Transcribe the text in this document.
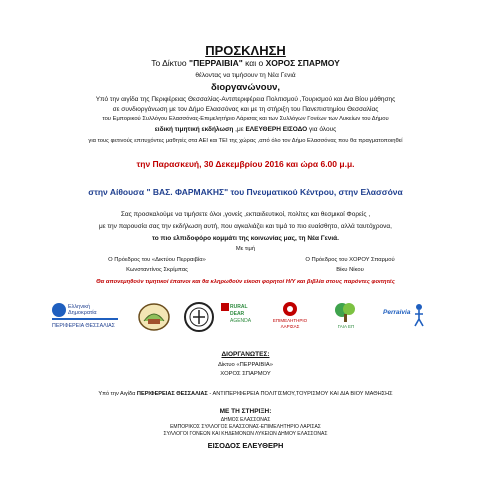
ΠΡΟΣΚΛΗΣΗ
Το Δίκτυο "ΠΕΡΡΑΙΒΙΑ" και ο ΧΟΡΟΣ ΣΠΑΡΜΟΥ
θέλοντας να τιμήσουν τη Νέα Γενιά
διοργανώνουν,
Υπό την αιγίδα της Περιφέρειας Θεσσαλίας-Αντιπεριφέρεια Πολιτισμού ,Τουρισμού και Δια Βίου μάθησης
σε συνδιοργάνωση με τον Δήμο Ελασσόνας και με τη στήριξη του Πανεπιστημίου Θεσσαλίας
του Εμπορικού Συλλόγου Ελασσόνας-Επιμελητήριο Λάρισας και των Συλλόγων Γονέων των Λυκείων του Δήμου
ειδική τιμητική εκδήλωση ,με ΕΛΕΥΘΕΡΗ ΕΙΣΟΔΟ για όλους
για τους φετινούς επιτυχόντες μαθητές στα ΑΕΙ και ΤΕΙ της χώρας ,από όλο τον Δήμο Ελασσόνας που θα πραγματοποιηθεί
την Παρασκευή, 30 Δεκεμβρίου 2016 και ώρα 6.00 μ.μ.
στην Αίθουσα " ΒΑΣ. ΦΑΡΜΑΚΗΣ" του Πνευματικού Κέντρου, στην Ελασσόνα
Σας προσκαλούμε να τιμήσετε όλοι ,γονείς ,εκπαιδευτικοί, πολίτες και θεσμικοί Φορείς ,
με την παρουσία σας την εκδήλωση αυτή, που αγκαλιάζει και τιμά το πιο ευαίσθητο, αλλά ταυτόχρονα,
το πιο ελπιδοφόρο κομμάτι της κοινωνίας μας, τη Νέα Γενιά.
Με τιμή
Ο Πρόεδρος του «Δικτύου Περραιβία»
Κωνσταντίνος Σκρίμπας
Ο Πρόεδρος του ΧΟΡΟΥ Σπαρμού
Βίκυ Νίκου
Θα απονεμηθούν τιμητικοί έπαινοι και θα κληρωθούν είκοσι φορητοί Η/Υ και βιβλία στους παρόντες φοιτητές
Ελληνική Δημοκρατία
ΠΕΡΙΦΕΡΕΙΑ ΘΕΣΣΑΛΙΑΣ
RURAL
DEAR
AGENDA	ΕΠΙΜΕΛΗΤΗΡΙΟ
ΛΑΡΙΣΑΣ	ΓΑΙΑ ΕΠ
Perraivia
ΔΙΟΡΓΑΝΩΤΕΣ:
Δίκτυο «ΠΕΡΡΑΙΒΙΑ»
ΧΟΡΟΣ ΣΠΑΡΜΟΥ
Υπό την Αιγίδα ΠΕΡΙΦΕΡΕΙΑΣ ΘΕΣΣΑΛΙΑΣ - ΑΝΤΙΠΕΡΙΦΕΡΕΙΑ ΠΟΛΙΤΙΣΜΟΥ,ΤΟΥΡΙΣΜΟΥ ΚΑΙ ΔΙΑ ΒΙΟΥ ΜΑΘΗΣΗΣ
ΜΕ ΤΗ ΣΤΗΡΙΞΗ:
ΔΗΜΟΣ ΕΛΑΣΣΟΝΑΣ
ΕΜΠΟΡΙΚΟΣ ΣΥΛΛΟΓΟΣ ΕΛΑΣΣΟΝΑΣ-ΕΠΙΜΕΛΗΤΗΡΙΟ ΛΑΡΙΣΑΣ
ΣΥΛΛΟΓΟΙ ΓΟΝΕΩΝ ΚΑΙ ΚΗΔΕΜΟΝΩΝ ΛΥΚΕΙΩΝ ΔΗΜΟΥ ΕΛΑΣΣΟΝΑΣ
ΕΙΣΟΔΟΣ ΕΛΕΥΘΕΡΗ
